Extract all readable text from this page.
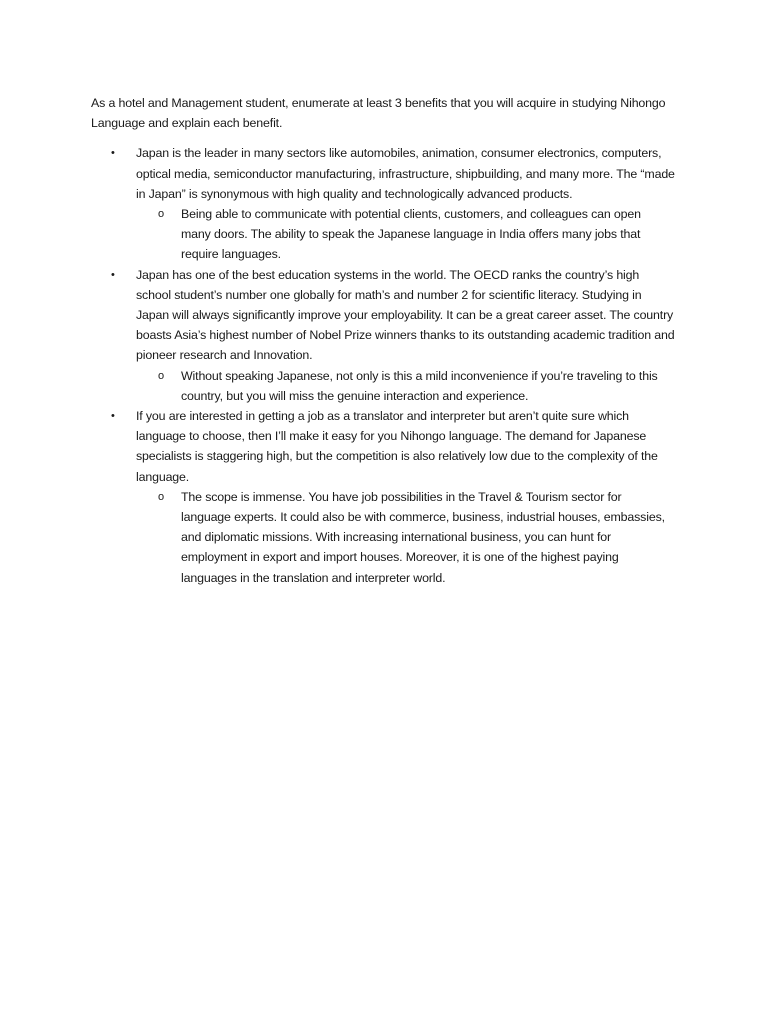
As a hotel and Management student, enumerate at least 3 benefits that you will acquire in studying Nihongo Language and explain each benefit.

•	Japan is the leader in many sectors like automobiles, animation, consumer electronics, computers, optical media, semiconductor manufacturing, infrastructure, shipbuilding, and many more. The “made in Japan” is synonymous with high quality and technologically advanced products.
o Being able to communicate with potential clients, customers, and colleagues can open many doors. The ability to speak the Japanese language in India offers many jobs that require languages.
•	Japan has one of the best education systems in the world. The OECD ranks the country’s high school student’s number one globally for math’s and number 2 for scientific literacy. Studying in Japan will always significantly improve your employability. It can be a great career asset. The country boasts Asia’s highest number of Nobel Prize winners thanks to its outstanding academic tradition and pioneer research and Innovation.
o Without speaking Japanese, not only is this a mild inconvenience if you’re traveling to this country, but you will miss the genuine interaction and experience.
•	If you are interested in getting a job as a translator and interpreter but aren’t quite sure which language to choose, then I’ll make it easy for you Nihongo language. The demand for Japanese specialists is staggering high, but the competition is also relatively low due to the complexity of the language.
o The scope is immense. You have job possibilities in the Travel & Tourism sector for language experts. It could also be with commerce, business, industrial houses, embassies, and diplomatic missions. With increasing international business, you can hunt for employment in export and import houses. Moreover, it is one of the highest paying languages in the translation and interpreter world.
